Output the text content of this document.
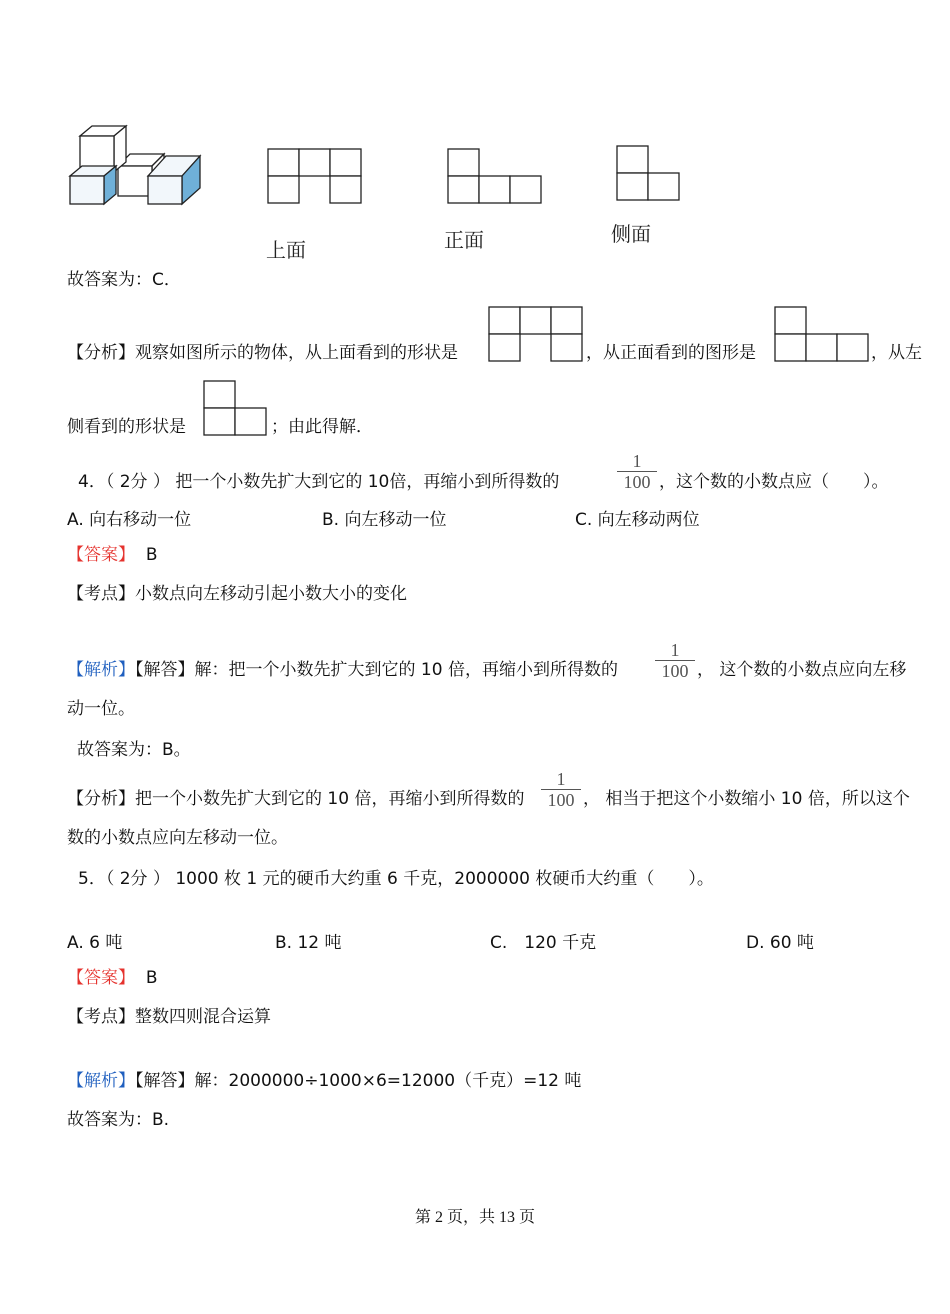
上面	正面	侧面
故答案为：C．
【分析】观察如图所示的物体，从上面看到的形状是	，从正面看到的图形是	，从左
侧看到的形状是	；由此得解．
4．（ 2分 ） 把一个小数先扩大到它的 10倍，再缩小到所得数的
1
100 ，这个数的小数点应（　　）。
A. 向右移动一位	B. 向左移动一位	C. 向左移动两位
【答案】 B
【考点】小数点向左移动引起小数大小的变化
【解析】【解答】解：把一个小数先扩大到它的 10 倍，再缩小到所得数的
1
100 ， 这个数的小数点应向左移
动一位。
故答案为：B。
【分析】把一个小数先扩大到它的 10 倍，再缩小到所得数的
1
100 ， 相当于把这个小数缩小 10 倍，所以这个
数的小数点应向左移动一位。
5．（ 2分 ） 1000 枚 1 元的硬币大约重 6 千克，2000000 枚硬币大约重（　　）。
A. 6 吨	B. 12 吨	C.　120 千克	D. 60 吨
【答案】 B
【考点】整数四则混合运算
【解析】【解答】解：2000000÷1000×6=12000（千克）=12 吨
故答案为：B.
第 2 页，共 13 页
